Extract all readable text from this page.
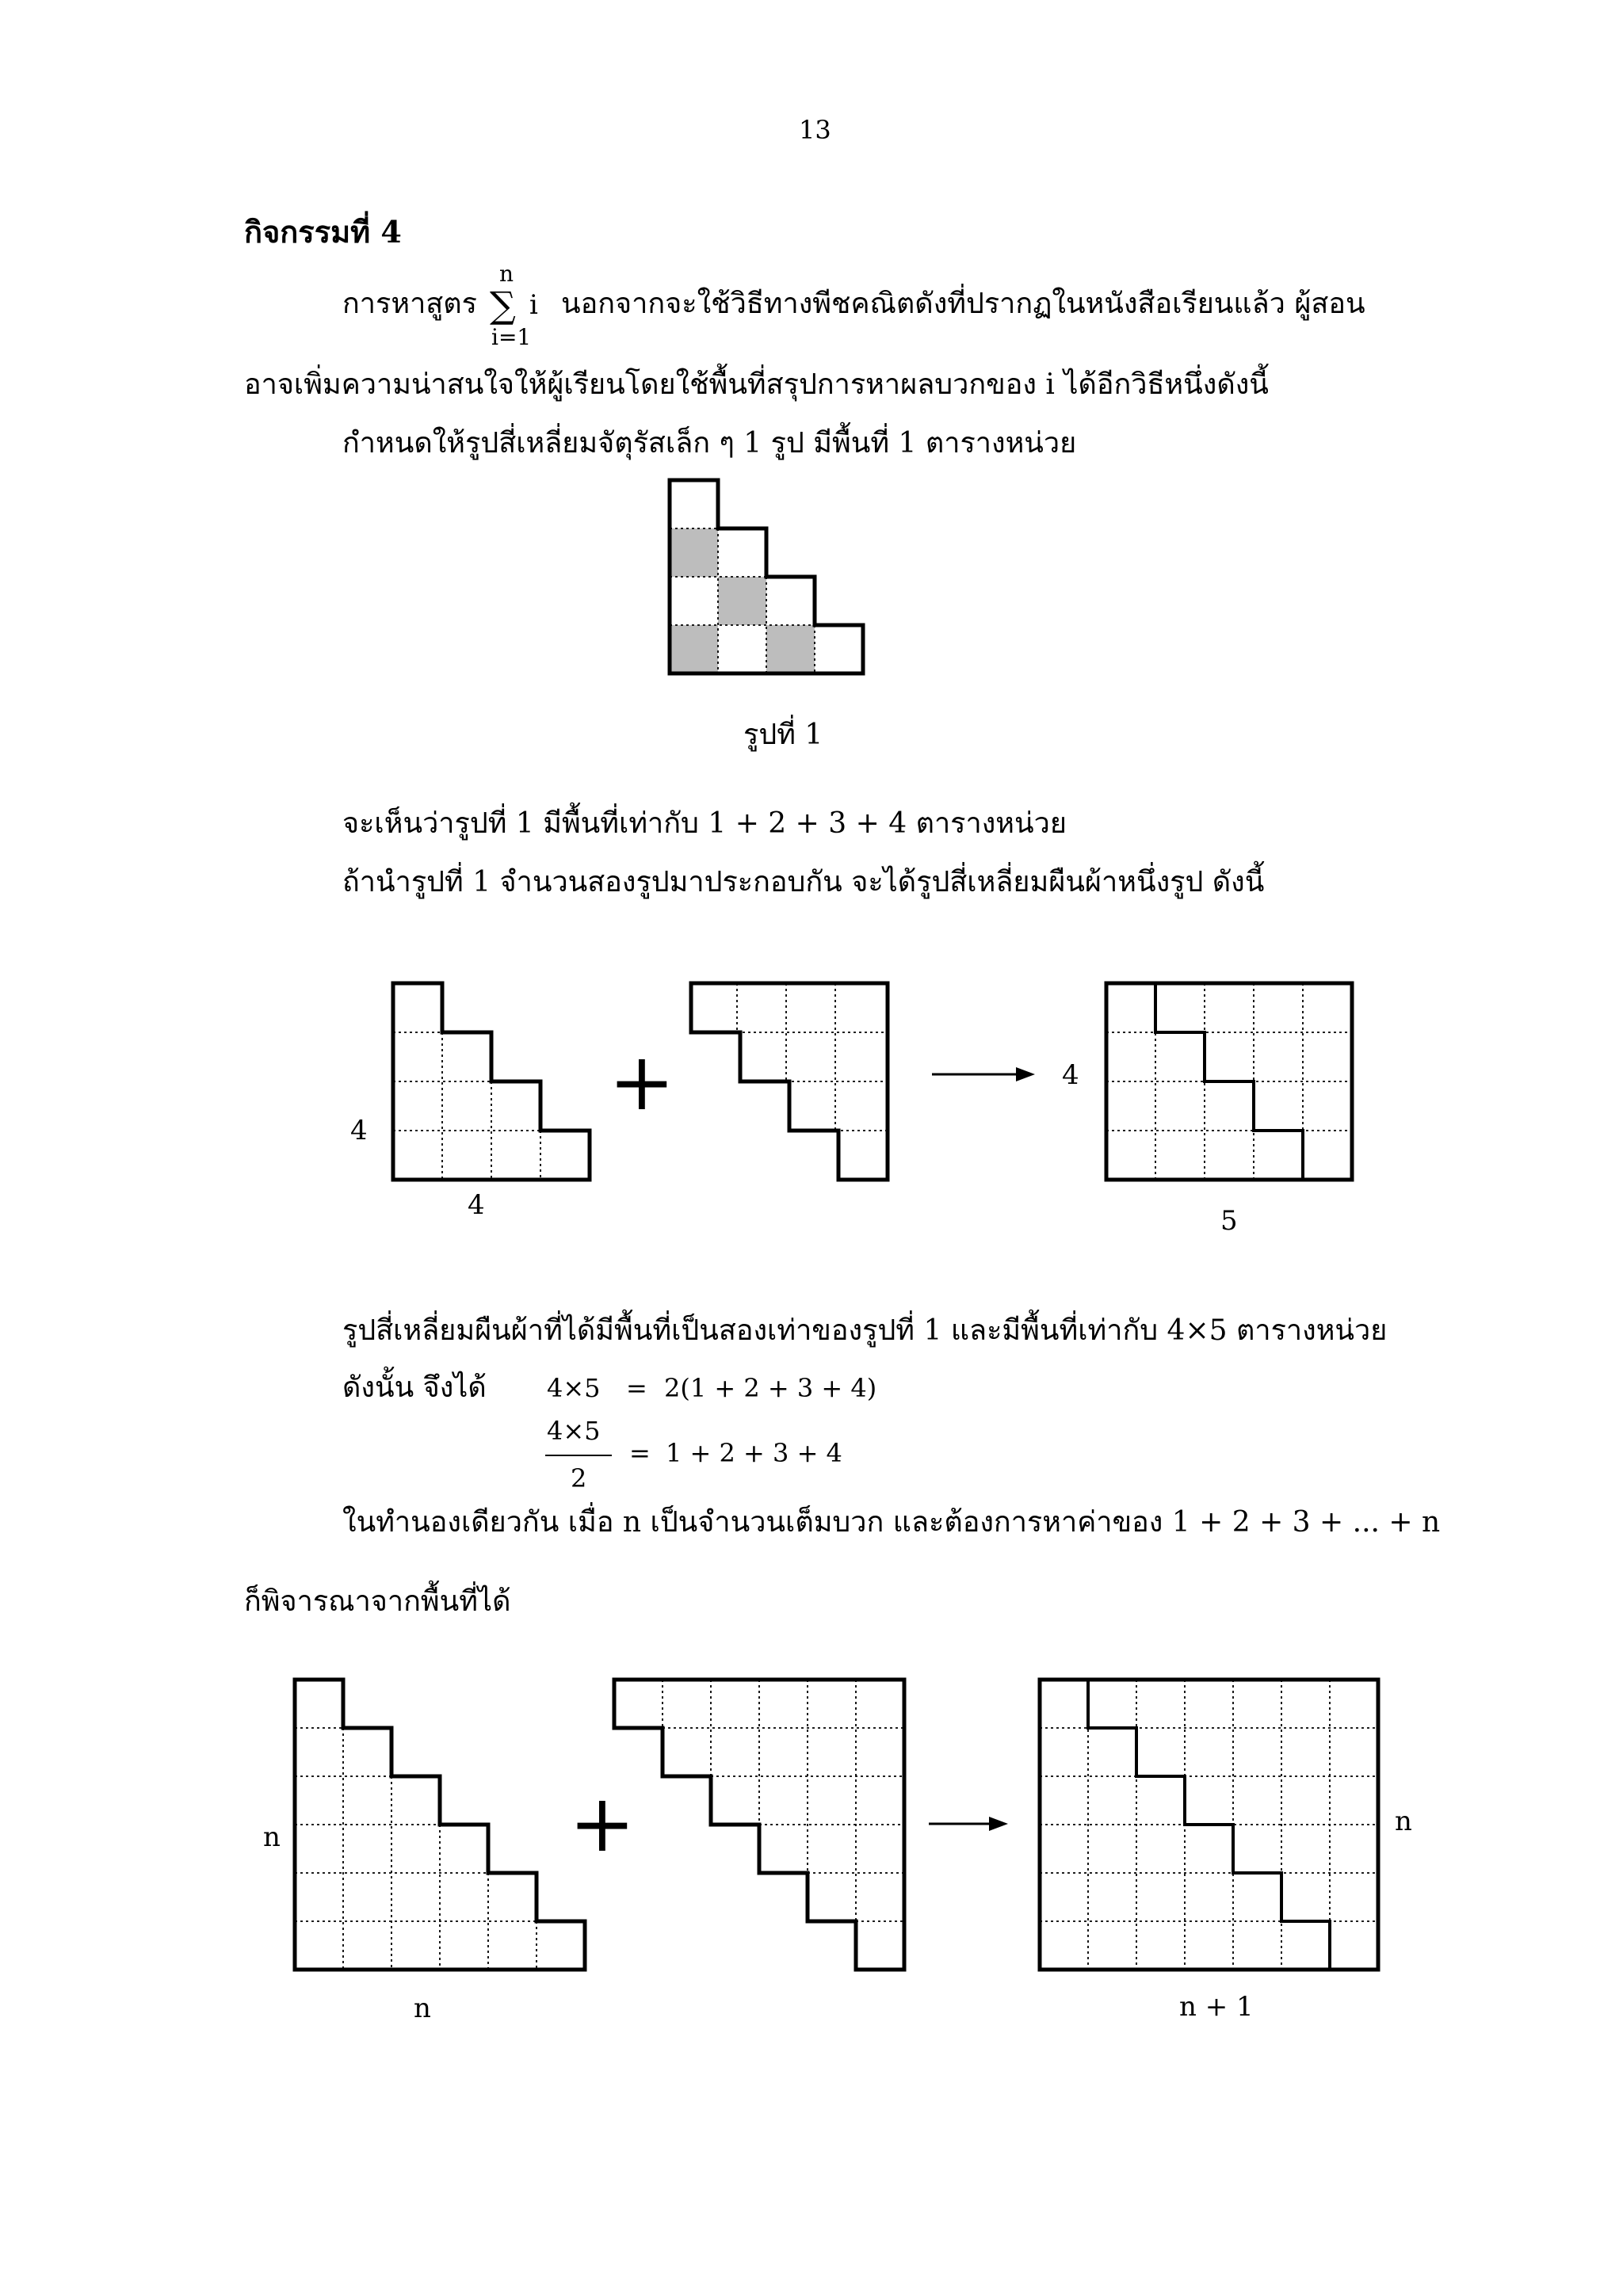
13
กิจกรรมที่ 4
การหาสูตร
n
∑ i
i=1
นอกจากจะใช้วิธีทางพีชคณิตดังที่ปรากฏในหนังสือเรียนแล้ว ผู้สอน
อาจเพิ่มความน่าสนใจให้ผู้เรียนโดยใช้พื้นที่สรุปการหาผลบวกของ i ได้อีกวิธีหนึ่งดังนี้
กำหนดให้รูปสี่เหลี่ยมจัตุรัสเล็ก ๆ 1 รูป มีพื้นที่ 1 ตารางหน่วย
รูปที่ 1
จะเห็นว่ารูปที่ 1 มีพื้นที่เท่ากับ 1 + 2 + 3 + 4 ตารางหน่วย
ถ้านำรูปที่ 1 จำนวนสองรูปมาประกอบกัน จะได้รูปสี่เหลี่ยมผืนผ้าหนึ่งรูป ดังนี้
รูปสี่เหลี่ยมผืนผ้าที่ได้มีพื้นที่เป็นสองเท่าของรูปที่ 1 และมีพื้นที่เท่ากับ 4×5 ตารางหน่วย
ดังนั้น จึงได้ 4×5 = 2(1 + 2 + 3 + 4)
4×5
2
= 1 + 2 + 3 + 4
ในทำนองเดียวกัน เมื่อ n เป็นจำนวนเต็มบวก และต้องการหาค่าของ 1 + 2 + 3 + ... + n
ก็พิจารณาจากพื้นที่ได้
4
4
+	4
5
n
n
+	n
n + 1
